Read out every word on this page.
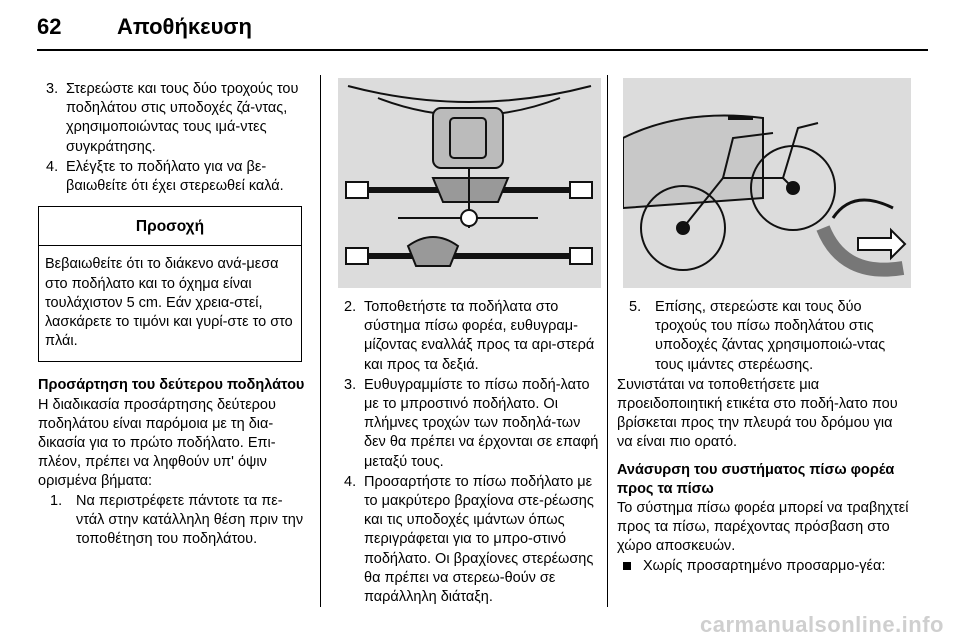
62	Αποθήκευση
3. Στερεώστε και τους δύο τροχούς του ποδηλάτου στις υποδοχές ζά-ντας, χρησιμοποιώντας τους ιμά-ντες συγκράτησης.
4. Ελέγξτε το ποδήλατο για να βε-βαιωθείτε ότι έχει στερεωθεί καλά.
Προσοχή
Βεβαιωθείτε ότι το διάκενο ανά-μεσα στο ποδήλατο και το όχημα είναι τουλάχιστον 5 cm. Εάν χρεια-στεί, λασκάρετε το τιμόνι και γυρί-στε το στο πλάι.
Προσάρτηση του δεύτερου ποδηλάτου
Η διαδικασία προσάρτησης δεύτερου ποδηλάτου είναι παρόμοια με τη δια-δικασία για το πρώτο ποδήλατο. Επι-πλέον, πρέπει να ληφθούν υπ' όψιν ορισμένα βήματα:
1. Να περιστρέφετε πάντοτε τα πε-ντάλ στην κατάλληλη θέση πριν την τοποθέτηση του ποδηλάτου.
2. Τοποθετήστε τα ποδήλατα στο σύστημα πίσω φορέα, ευθυγραμ-μίζοντας εναλλάξ προς τα αρι-στερά και προς τα δεξιά.
3. Ευθυγραμμίστε το πίσω ποδή-λατο με το μπροστινό ποδήλατο. Οι πλήμνες τροχών των ποδηλά-των δεν θα πρέπει να έρχονται σε επαφή μεταξύ τους.
4. Προσαρτήστε το πίσω ποδήλατο με το μακρύτερο βραχίονα στε-ρέωσης και τις υποδοχές ιμάντων όπως περιγράφεται για το μπρο-στινό ποδήλατο. Οι βραχίονες στερέωσης θα πρέπει να στερεω-θούν σε παράλληλη διάταξη.
5. Επίσης, στερεώστε και τους δύο τροχούς του πίσω ποδηλάτου στις υποδοχές ζάντας χρησιμοποιώ-ντας τους ιμάντες στερέωσης.
Συνιστάται να τοποθετήσετε μια προειδοποιητική ετικέτα στο ποδή-λατο που βρίσκεται προς την πλευρά του δρόμου για να είναι πιο ορατό.
Ανάσυρση του συστήματος πίσω φορέα προς τα πίσω
Το σύστημα πίσω φορέα μπορεί να τραβηχτεί προς τα πίσω, παρέχοντας πρόσβαση στο χώρο αποσκευών.
Χωρίς προσαρτημένο προσαρμο-γέα:
carmanualsonline.info
